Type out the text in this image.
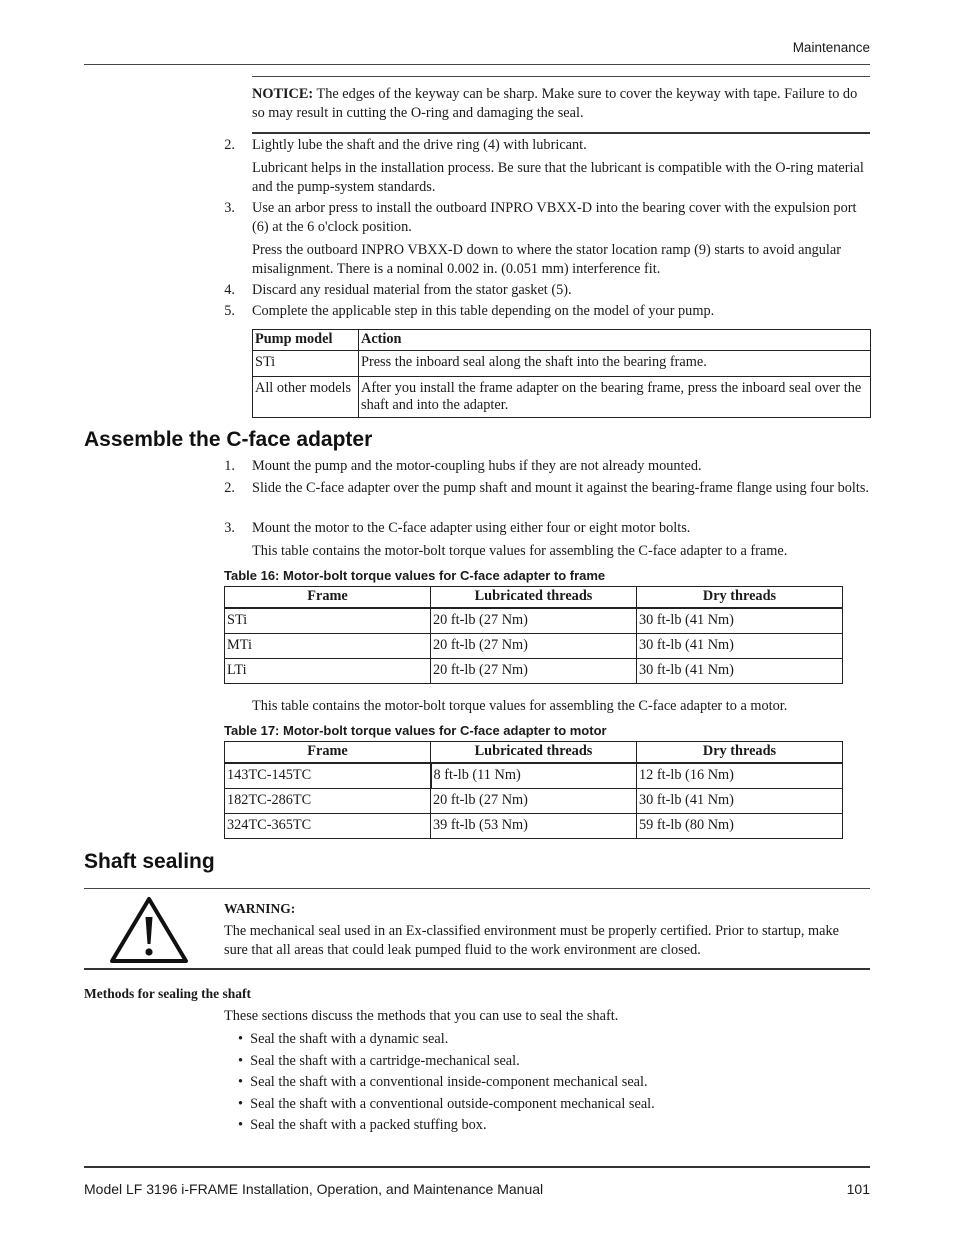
Maintenance
NOTICE: The edges of the keyway can be sharp. Make sure to cover the keyway with tape. Failure to do so may result in cutting the O-ring and damaging the seal.
2. Lightly lube the shaft and the drive ring (4) with lubricant.
Lubricant helps in the installation process. Be sure that the lubricant is compatible with the O-ring material and the pump-system standards.
3. Use an arbor press to install the outboard INPRO VBXX-D into the bearing cover with the expulsion port (6) at the 6 o'clock position.
Press the outboard INPRO VBXX-D down to where the stator location ramp (9) starts to avoid angular misalignment. There is a nominal 0.002 in. (0.051 mm) interference fit.
4. Discard any residual material from the stator gasket (5).
5. Complete the applicable step in this table depending on the model of your pump.
Pump model	Action
STi	Press the inboard seal along the shaft into the bearing frame.
All other models	After you install the frame adapter on the bearing frame, press the inboard seal over the shaft and into the adapter.
Assemble the C-face adapter
1. Mount the pump and the motor-coupling hubs if they are not already mounted.
2. Slide the C-face adapter over the pump shaft and mount it against the bearing-frame flange using four bolts.
3. Mount the motor to the C-face adapter using either four or eight motor bolts.
This table contains the motor-bolt torque values for assembling the C-face adapter to a frame.
Table 16: Motor-bolt torque values for C-face adapter to frame
Frame	Lubricated threads	Dry threads
STi	20 ft-lb (27 Nm)	30 ft-lb (41 Nm)
MTi	20 ft-lb (27 Nm)	30 ft-lb (41 Nm)
LTi	20 ft-lb (27 Nm)	30 ft-lb (41 Nm)
This table contains the motor-bolt torque values for assembling the C-face adapter to a motor.
Table 17: Motor-bolt torque values for C-face adapter to motor
Frame	Lubricated threads	Dry threads
143TC-145TC	8 ft-lb (11 Nm)	12 ft-lb (16 Nm)
182TC-286TC	20 ft-lb (27 Nm)	30 ft-lb (41 Nm)
324TC-365TC	39 ft-lb (53 Nm)	59 ft-lb (80 Nm)
Shaft sealing
WARNING:
The mechanical seal used in an Ex-classified environment must be properly certified. Prior to startup, make sure that all areas that could leak pumped fluid to the work environment are closed.
Methods for sealing the shaft
These sections discuss the methods that you can use to seal the shaft.
•  Seal the shaft with a dynamic seal.
•  Seal the shaft with a cartridge-mechanical seal.
•  Seal the shaft with a conventional inside-component mechanical seal.
•  Seal the shaft with a conventional outside-component mechanical seal.
•  Seal the shaft with a packed stuffing box.
Model LF 3196 i-FRAME Installation, Operation, and Maintenance Manual	101
